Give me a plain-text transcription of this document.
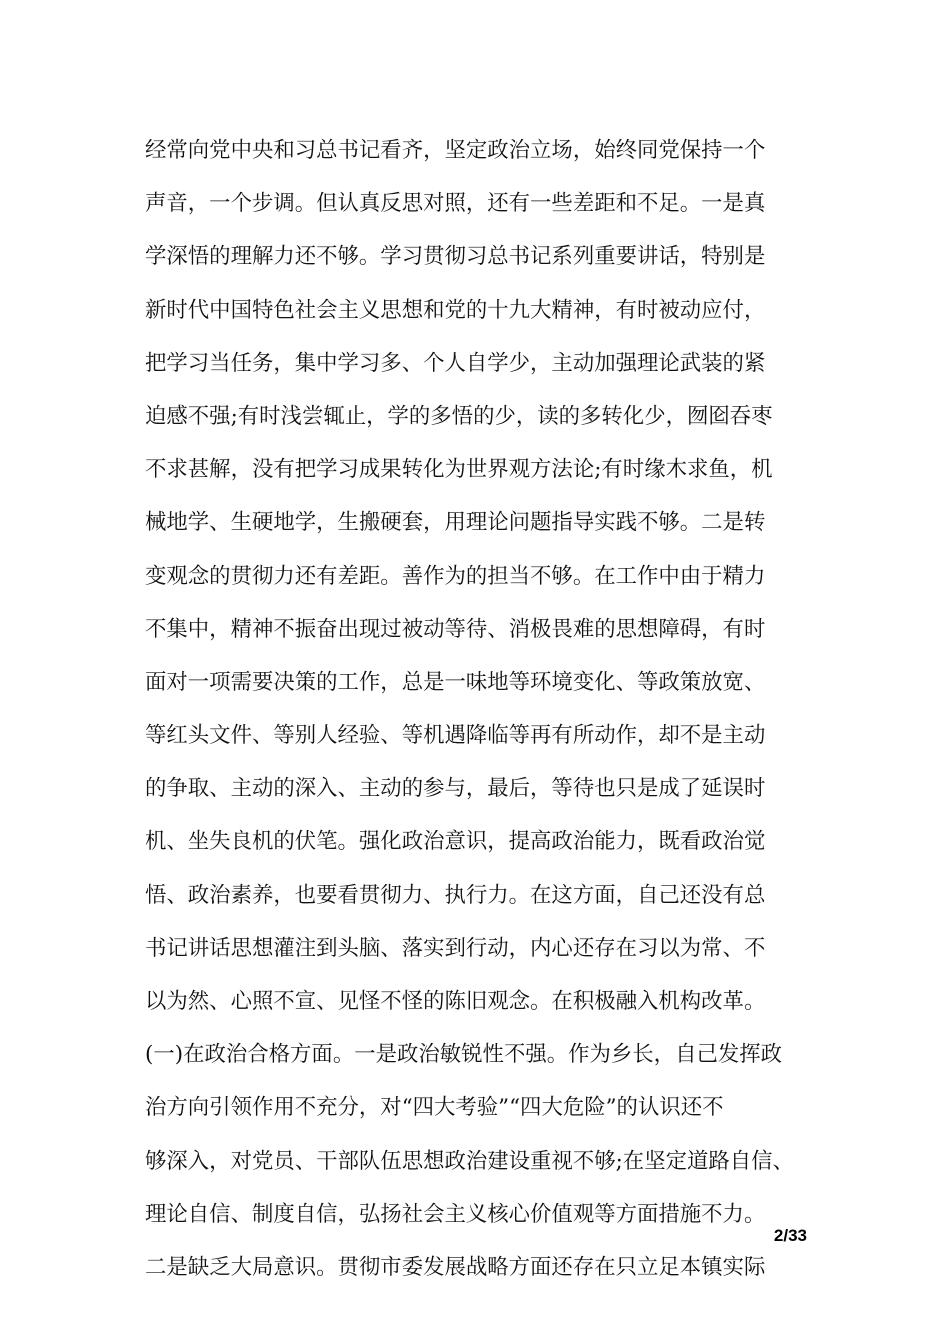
经常向党中央和习总书记看齐，坚定政治立场，始终同党保持一个
声音，一个步调。但认真反思对照，还有一些差距和不足。一是真
学深悟的理解力还不够。学习贯彻习总书记系列重要讲话，特别是
新时代中国特色社会主义思想和党的十九大精神，有时被动应付，
把学习当任务，集中学习多、个人自学少，主动加强理论武装的紧
迫感不强;有时浅尝辄止，学的多悟的少，读的多转化少，囫囵吞枣
不求甚解，没有把学习成果转化为世界观方法论;有时缘木求鱼，机
械地学、生硬地学，生搬硬套，用理论问题指导实践不够。二是转
变观念的贯彻力还有差距。善作为的担当不够。在工作中由于精力
不集中，精神不振奋出现过被动等待、消极畏难的思想障碍，有时
面对一项需要决策的工作，总是一味地等环境变化、等政策放宽、
等红头文件、等别人经验、等机遇降临等再有所动作，却不是主动
的争取、主动的深入、主动的参与，最后，等待也只是成了延误时
机、坐失良机的伏笔。强化政治意识，提高政治能力，既看政治觉
悟、政治素养，也要看贯彻力、执行力。在这方面，自己还没有总
书记讲话思想灌注到头脑、落实到行动，内心还存在习以为常、不
以为然、心照不宣、见怪不怪的陈旧观念。在积极融入机构改革。
(一)在政治合格方面。一是政治敏锐性不强。作为乡长，自己发挥政
治方向引领作用不充分，对“四大考验”“四大危险”的认识还不
够深入，对党员、干部队伍思想政治建设重视不够;在坚定道路自信、
理论自信、制度自信，弘扬社会主义核心价值观等方面措施不力。
二是缺乏大局意识。贯彻市委发展战略方面还存在只立足本镇实际
2/33
